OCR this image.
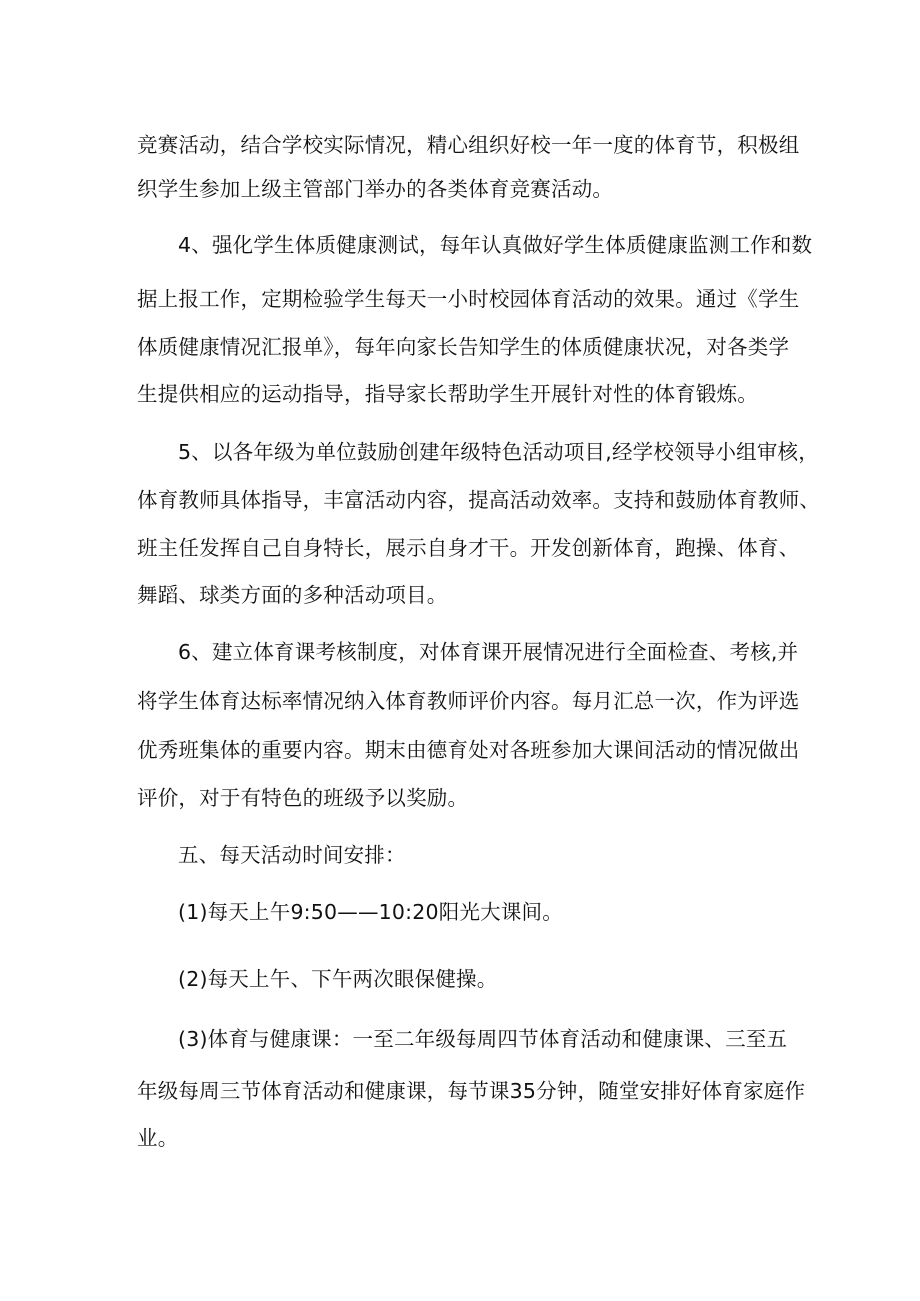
竞赛活动，结合学校实际情况，精心组织好校一年一度的体育节，积极组
织学生参加上级主管部门举办的各类体育竞赛活动。
4、强化学生体质健康测试，每年认真做好学生体质健康监测工作和数
据上报工作，定期检验学生每天一小时校园体育活动的效果。通过《学生
体质健康情况汇报单》，每年向家长告知学生的体质健康状况，对各类学
生提供相应的运动指导，指导家长帮助学生开展针对性的体育锻炼。
5、以各年级为单位鼓励创建年级特色活动项目,经学校领导小组审核，
体育教师具体指导，丰富活动内容，提高活动效率。支持和鼓励体育教师、
班主任发挥自己自身特长，展示自身才干。开发创新体育，跑操、体育、
舞蹈、球类方面的多种活动项目。
6、建立体育课考核制度，对体育课开展情况进行全面检查、考核,并
将学生体育达标率情况纳入体育教师评价内容。每月汇总一次，作为评选
优秀班集体的重要内容。期末由德育处对各班参加大课间活动的情况做出
评价，对于有特色的班级予以奖励。
五、每天活动时间安排：
(1)每天上午9:50——10:20阳光大课间。
(2)每天上午、下午两次眼保健操。
(3)体育与健康课：一至二年级每周四节体育活动和健康课、三至五
年级每周三节体育活动和健康课，每节课35分钟，随堂安排好体育家庭作
业。
